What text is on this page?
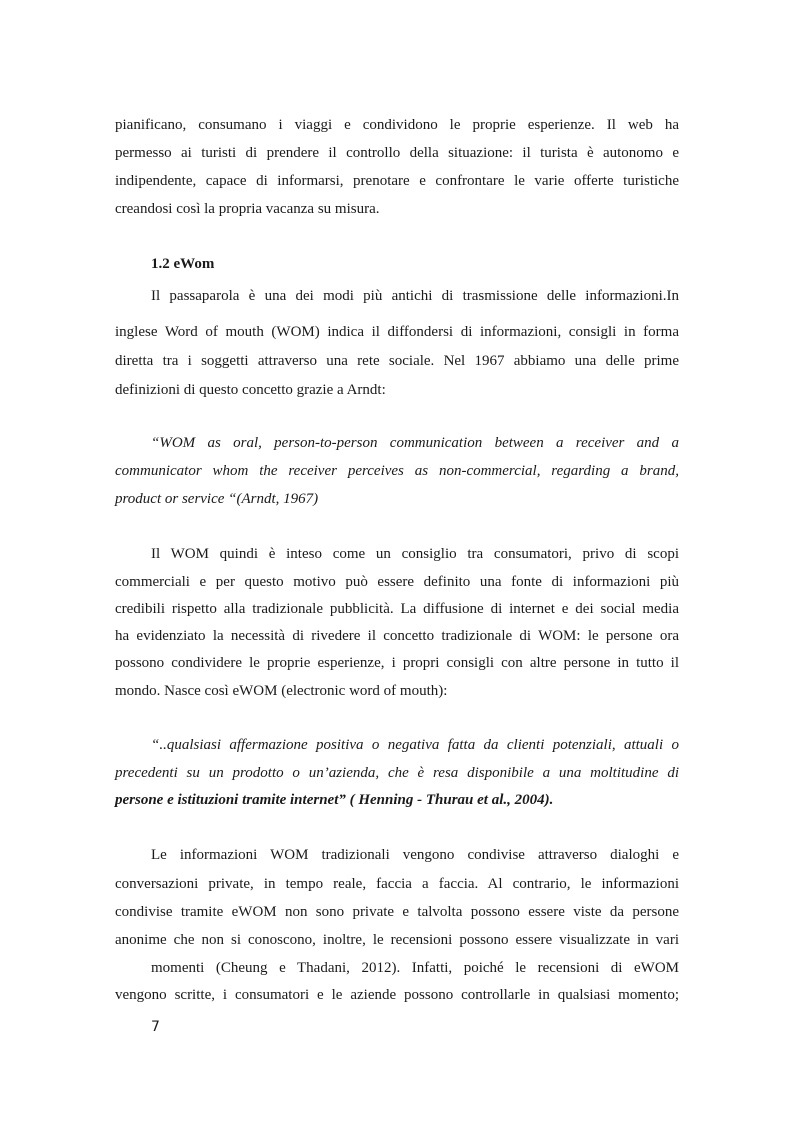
pianificano, consumano i viaggi e condividono le proprie esperienze. Il web ha

permesso ai turisti di prendere il controllo della situazione: il turista è autonomo e

indipendente, capace di informarsi, prenotare e confrontare le varie offerte turistiche

creandosi così la propria vacanza su misura.

1.2 eWom

Il passaparola è una dei modi più antichi di trasmissione delle informazioni.In

inglese Word of mouth (WOM) indica il diffondersi di informazioni, consigli in forma

diretta tra i soggetti attraverso una rete sociale. Nel 1967 abbiamo una delle prime

definizioni di questo concetto grazie a Arndt:

“WOM as oral, person-to-person communication between a receiver and a

communicator whom the receiver perceives as non-commercial, regarding a brand,

product or service “(Arndt, 1967)

Il WOM quindi è inteso come un consiglio tra consumatori, privo di scopi

commerciali e per questo motivo può essere definito una fonte di informazioni più

credibili rispetto alla tradizionale pubblicità. La diffusione di internet e dei social media

ha evidenziato la necessità di rivedere il concetto tradizionale di WOM: le persone ora

possono condividere le proprie esperienze, i propri consigli con altre persone in tutto il

mondo. Nasce così eWOM (electronic word of mouth):

“..qualsiasi affermazione positiva o negativa fatta da clienti potenziali, attuali o

precedenti su un prodotto o un’azienda, che è resa disponibile a una moltitudine di

persone e istituzioni tramite internet” ( Henning - Thurau et al., 2004).

Le informazioni WOM tradizionali vengono condivise attraverso dialoghi e

conversazioni private, in tempo reale, faccia a faccia. Al contrario, le informazioni

condivise tramite eWOM non sono private e talvolta possono essere viste da persone

anonime che non si conoscono, inoltre, le recensioni possono essere visualizzate in vari

momenti (Cheung e Thadani, 2012). Infatti, poiché le recensioni di eWOM

vengono scritte, i consumatori e le aziende possono controllarle in qualsiasi momento;

7
